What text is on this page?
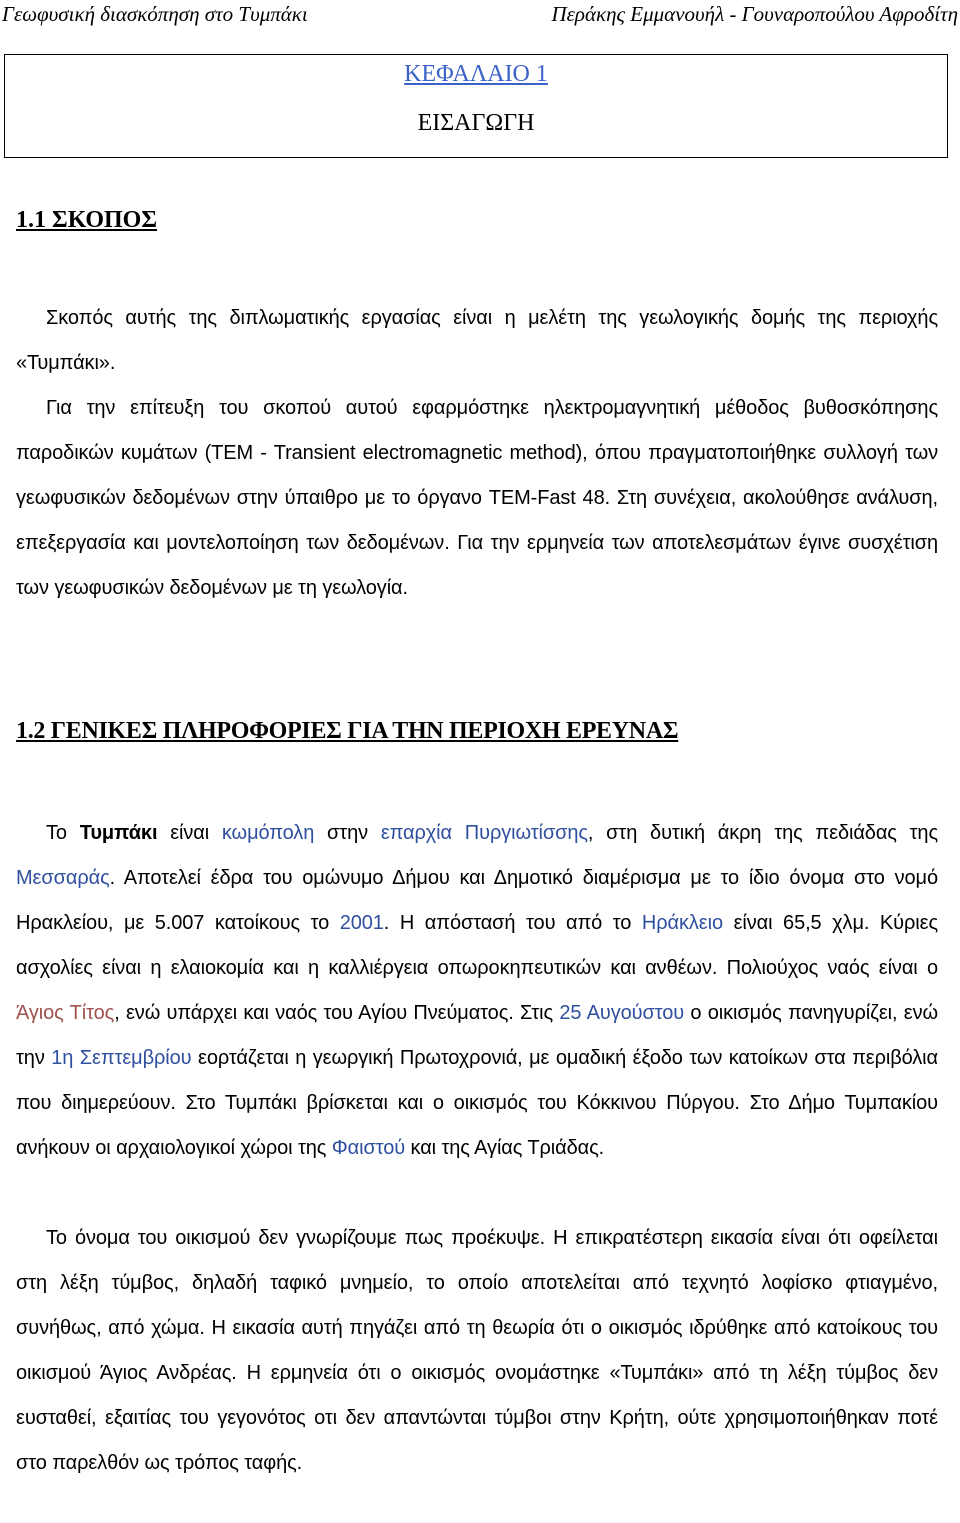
Γεωφυσική διασκόπηση στο Τυμπάκι	Περάκης Εμμανουήλ - Γουναροπούλου Αφροδίτη
ΚΕΦΑΛΑΙΟ 1
ΕΙΣΑΓΩΓΗ
1.1 ΣΚΟΠΟΣ
Σκοπός αυτής της διπλωματικής εργασίας είναι η μελέτη της γεωλογικής δομής της περιοχής «Τυμπάκι».
Για την επίτευξη του σκοπού αυτού εφαρμόστηκε ηλεκτρομαγνητική μέθοδος βυθοσκόπησης παροδικών κυμάτων (TEM - Transient electromagnetic method), όπου πραγματοποιήθηκε συλλογή των γεωφυσικών δεδομένων στην ύπαιθρο με το όργανο TEM-Fast 48. Στη συνέχεια, ακολούθησε ανάλυση, επεξεργασία και μοντελοποίηση των δεδομένων. Για την ερμηνεία των αποτελεσμάτων έγινε συσχέτιση των γεωφυσικών δεδομένων με τη γεωλογία.
1.2 ΓΕΝΙΚΕΣ ΠΛΗΡΟΦΟΡΙΕΣ ΓΙΑ ΤΗΝ ΠΕΡΙΟΧΗ ΕΡΕΥΝΑΣ
Το Τυμπάκι είναι κωμόπολη στην επαρχία Πυργιωτίσσης, στη δυτική άκρη της πεδιάδας της Μεσσαράς. Αποτελεί έδρα του ομώνυμο Δήμου και Δημοτικό διαμέρισμα με το ίδιο όνομα στο νομό Ηρακλείου, με 5.007 κατοίκους το 2001. Η απόστασή του από το Ηράκλειο είναι 65,5 χλμ. Κύριες ασχολίες είναι η ελαιοκομία και η καλλιέργεια οπωροκηπευτικών και ανθέων. Πολιούχος ναός είναι ο Άγιος Τίτος, ενώ υπάρχει και ναός του Αγίου Πνεύματος. Στις 25 Αυγούστου ο οικισμός πανηγυρίζει, ενώ την 1η Σεπτεμβρίου εορτάζεται η γεωργική Πρωτοχρονιά, με ομαδική έξοδο των κατοίκων στα περιβόλια που διημερεύουν. Στο Τυμπάκι βρίσκεται και ο οικισμός του Κόκκινου Πύργου. Στο Δήμο Τυμπακίου ανήκουν οι αρχαιολογικοί χώροι της Φαιστού και της Αγίας Τριάδας.
Το όνομα του οικισμού δεν γνωρίζουμε πως προέκυψε. Η επικρατέστερη εικασία είναι ότι οφείλεται στη λέξη τύμβος, δηλαδή ταφικό μνημείο, το οποίο αποτελείται από τεχνητό λοφίσκο φτιαγμένο, συνήθως, από χώμα. Η εικασία αυτή πηγάζει από τη θεωρία ότι ο οικισμός ιδρύθηκε από κατοίκους του οικισμού Άγιος Ανδρέας. Η ερμηνεία ότι ο οικισμός ονομάστηκε «Τυμπάκι» από τη λέξη τύμβος δεν ευσταθεί, εξαιτίας του γεγονότος οτι δεν απαντώνται τύμβοι στην Κρήτη, ούτε χρησιμοποιήθηκαν ποτέ στο παρελθόν ως τρόπος ταφής.
